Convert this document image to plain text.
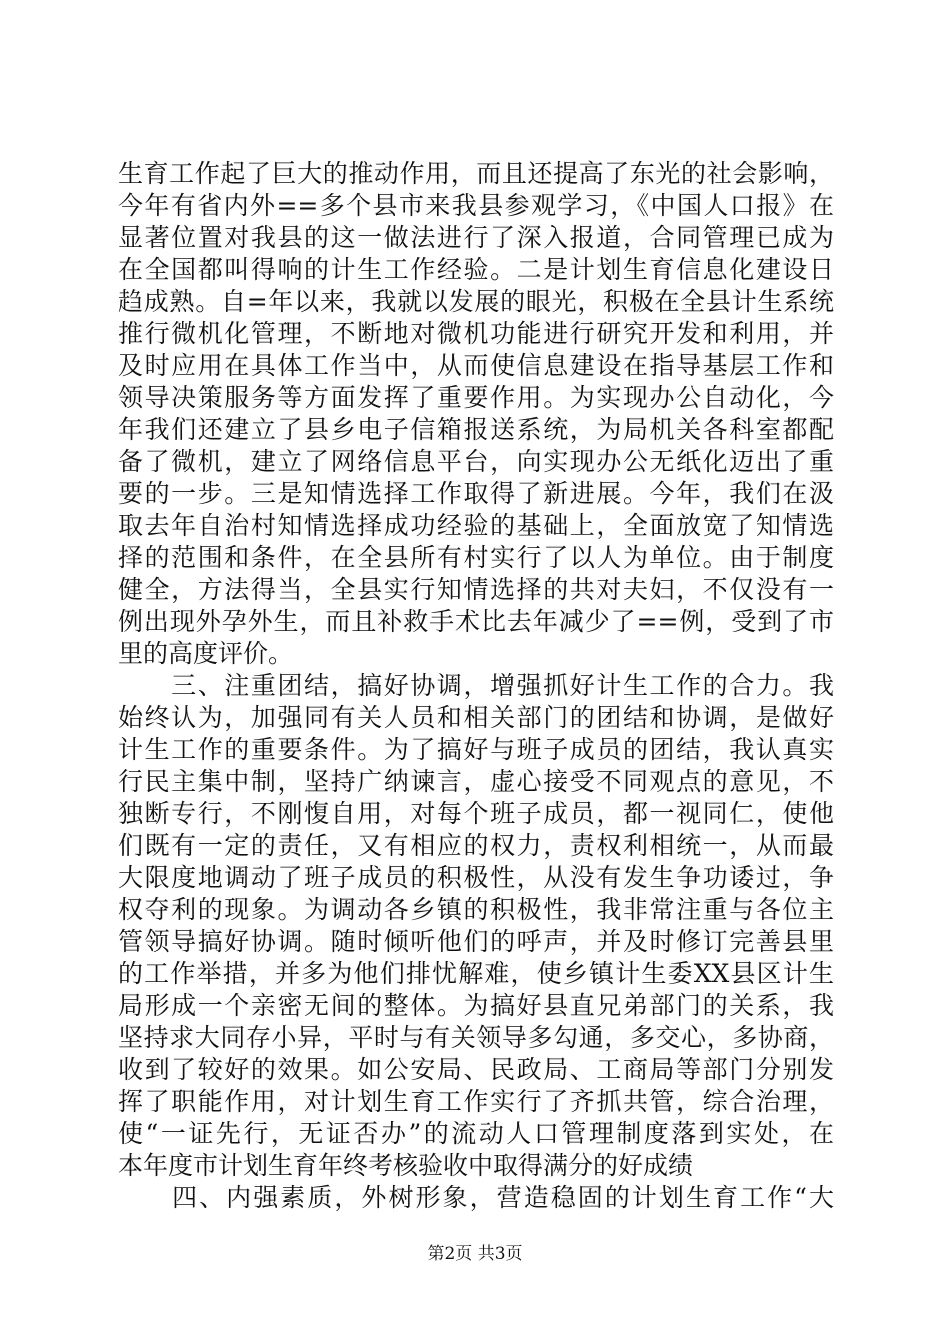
生育工作起了巨大的推动作用，而且还提高了东光的社会影响，
今年有省内外==多个县市来我县参观学习，《中国人口报》在
显著位置对我县的这一做法进行了深入报道，合同管理已成为
在全国都叫得响的计生工作经验。二是计划生育信息化建设日
趋成熟。自=年以来，我就以发展的眼光，积极在全县计生系统
推行微机化管理，不断地对微机功能进行研究开发和利用，并
及时应用在具体工作当中，从而使信息建设在指导基层工作和
领导决策服务等方面发挥了重要作用。为实现办公自动化，今
年我们还建立了县乡电子信箱报送系统，为局机关各科室都配
备了微机，建立了网络信息平台，向实现办公无纸化迈出了重
要的一步。三是知情选择工作取得了新进展。今年，我们在汲
取去年自治村知情选择成功经验的基础上，全面放宽了知情选
择的范围和条件，在全县所有村实行了以人为单位。由于制度
健全，方法得当，全县实行知情选择的共对夫妇，不仅没有一
例出现外孕外生，而且补救手术比去年减少了==例，受到了市
里的高度评价。
　　三、注重团结，搞好协调，增强抓好计生工作的合力。我
始终认为，加强同有关人员和相关部门的团结和协调，是做好
计生工作的重要条件。为了搞好与班子成员的团结，我认真实
行民主集中制，坚持广纳谏言，虚心接受不同观点的意见，不
独断专行，不刚愎自用，对每个班子成员，都一视同仁，使他
们既有一定的责任，又有相应的权力，责权利相统一，从而最
大限度地调动了班子成员的积极性，从没有发生争功诿过，争
权夺利的现象。为调动各乡镇的积极性，我非常注重与各位主
管领导搞好协调。随时倾听他们的呼声，并及时修订完善县里
的工作举措，并多为他们排忧解难，使乡镇计生委XX县区计生
局形成一个亲密无间的整体。为搞好县直兄弟部门的关系，我
坚持求大同存小异，平时与有关领导多勾通，多交心，多协商，
收到了较好的效果。如公安局、民政局、工商局等部门分别发
挥了职能作用，对计划生育工作实行了齐抓共管，综合治理，
使“一证先行，无证否办”的流动人口管理制度落到实处，在
本年度市计划生育年终考核验收中取得满分的好成绩
　　四、内强素质，外树形象，营造稳固的计划生育工作“大
第2页 共3页
